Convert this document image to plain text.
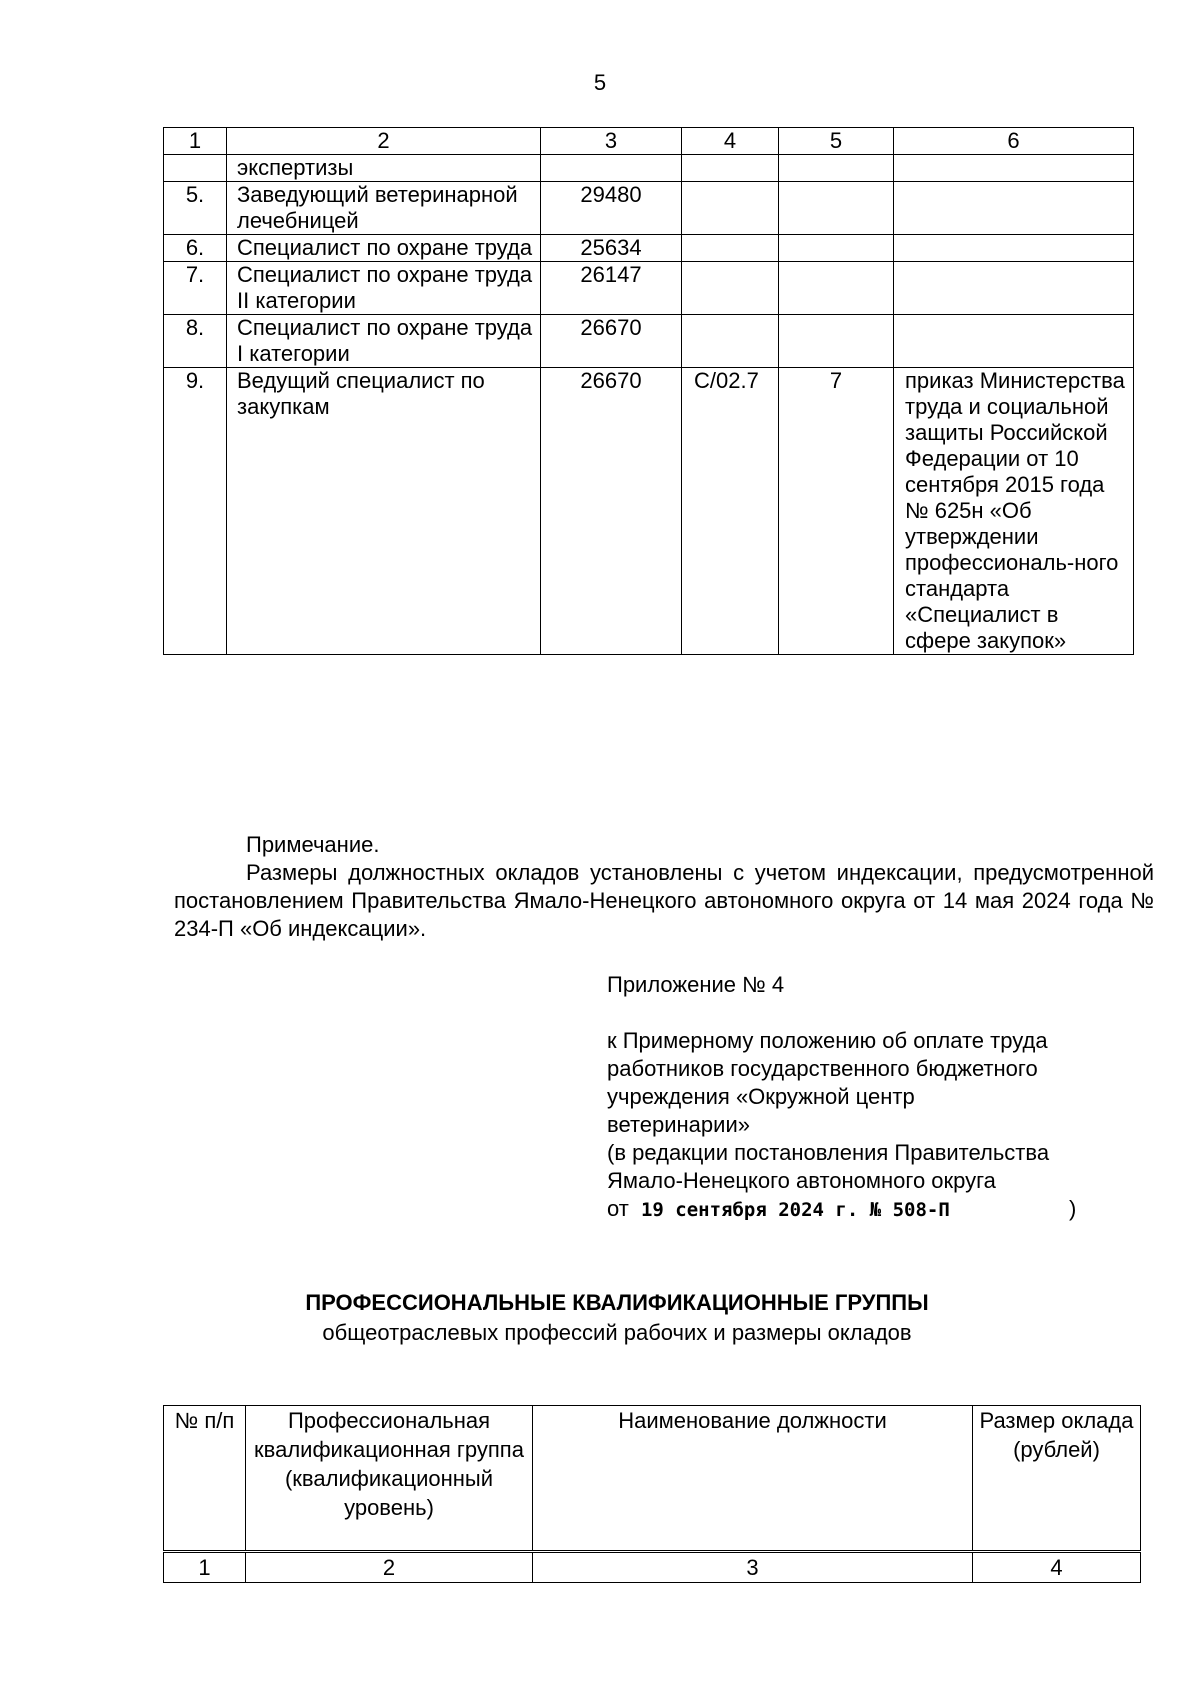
5
1	2	3	4	5	6
	экспертизы				
5.	Заведующий ветеринарной лечебницей	29480			
6.	Специалист по охране труда	25634			
7.	Специалист по охране труда II категории	26147			
8.	Специалист по охране труда I категории	26670			
9.	Ведущий специалист по закупкам	26670	С/02.7	7	приказ Министерства труда и социальной защиты Российской Федерации от 10 сентября 2015 года № 625н «Об утверждении профессиональ-ного стандарта «Специалист в сфере закупок»
Примечание.
Размеры должностных окладов установлены с учетом индексации, предусмотренной постановлением Правительства Ямало-Ненецкого автономного округа от 14 мая 2024 года № 234-П «Об индексации».
Приложение № 4
к Примерному положению об оплате труда
работников государственного бюджетного
учреждения «Окружной центр
ветеринарии»
(в редакции постановления Правительства
Ямало-Ненецкого автономного округа
от 19 сентября 2024 г. № 508-П	)
ПРОФЕССИОНАЛЬНЫЕ КВАЛИФИКАЦИОННЫЕ ГРУППЫ
общеотраслевых профессий рабочих и размеры окладов
№ п/п	Профессиональная квалификационная группа (квалификационный уровень)	Наименование должности	Размер оклада (рублей)
1	2	3	4
